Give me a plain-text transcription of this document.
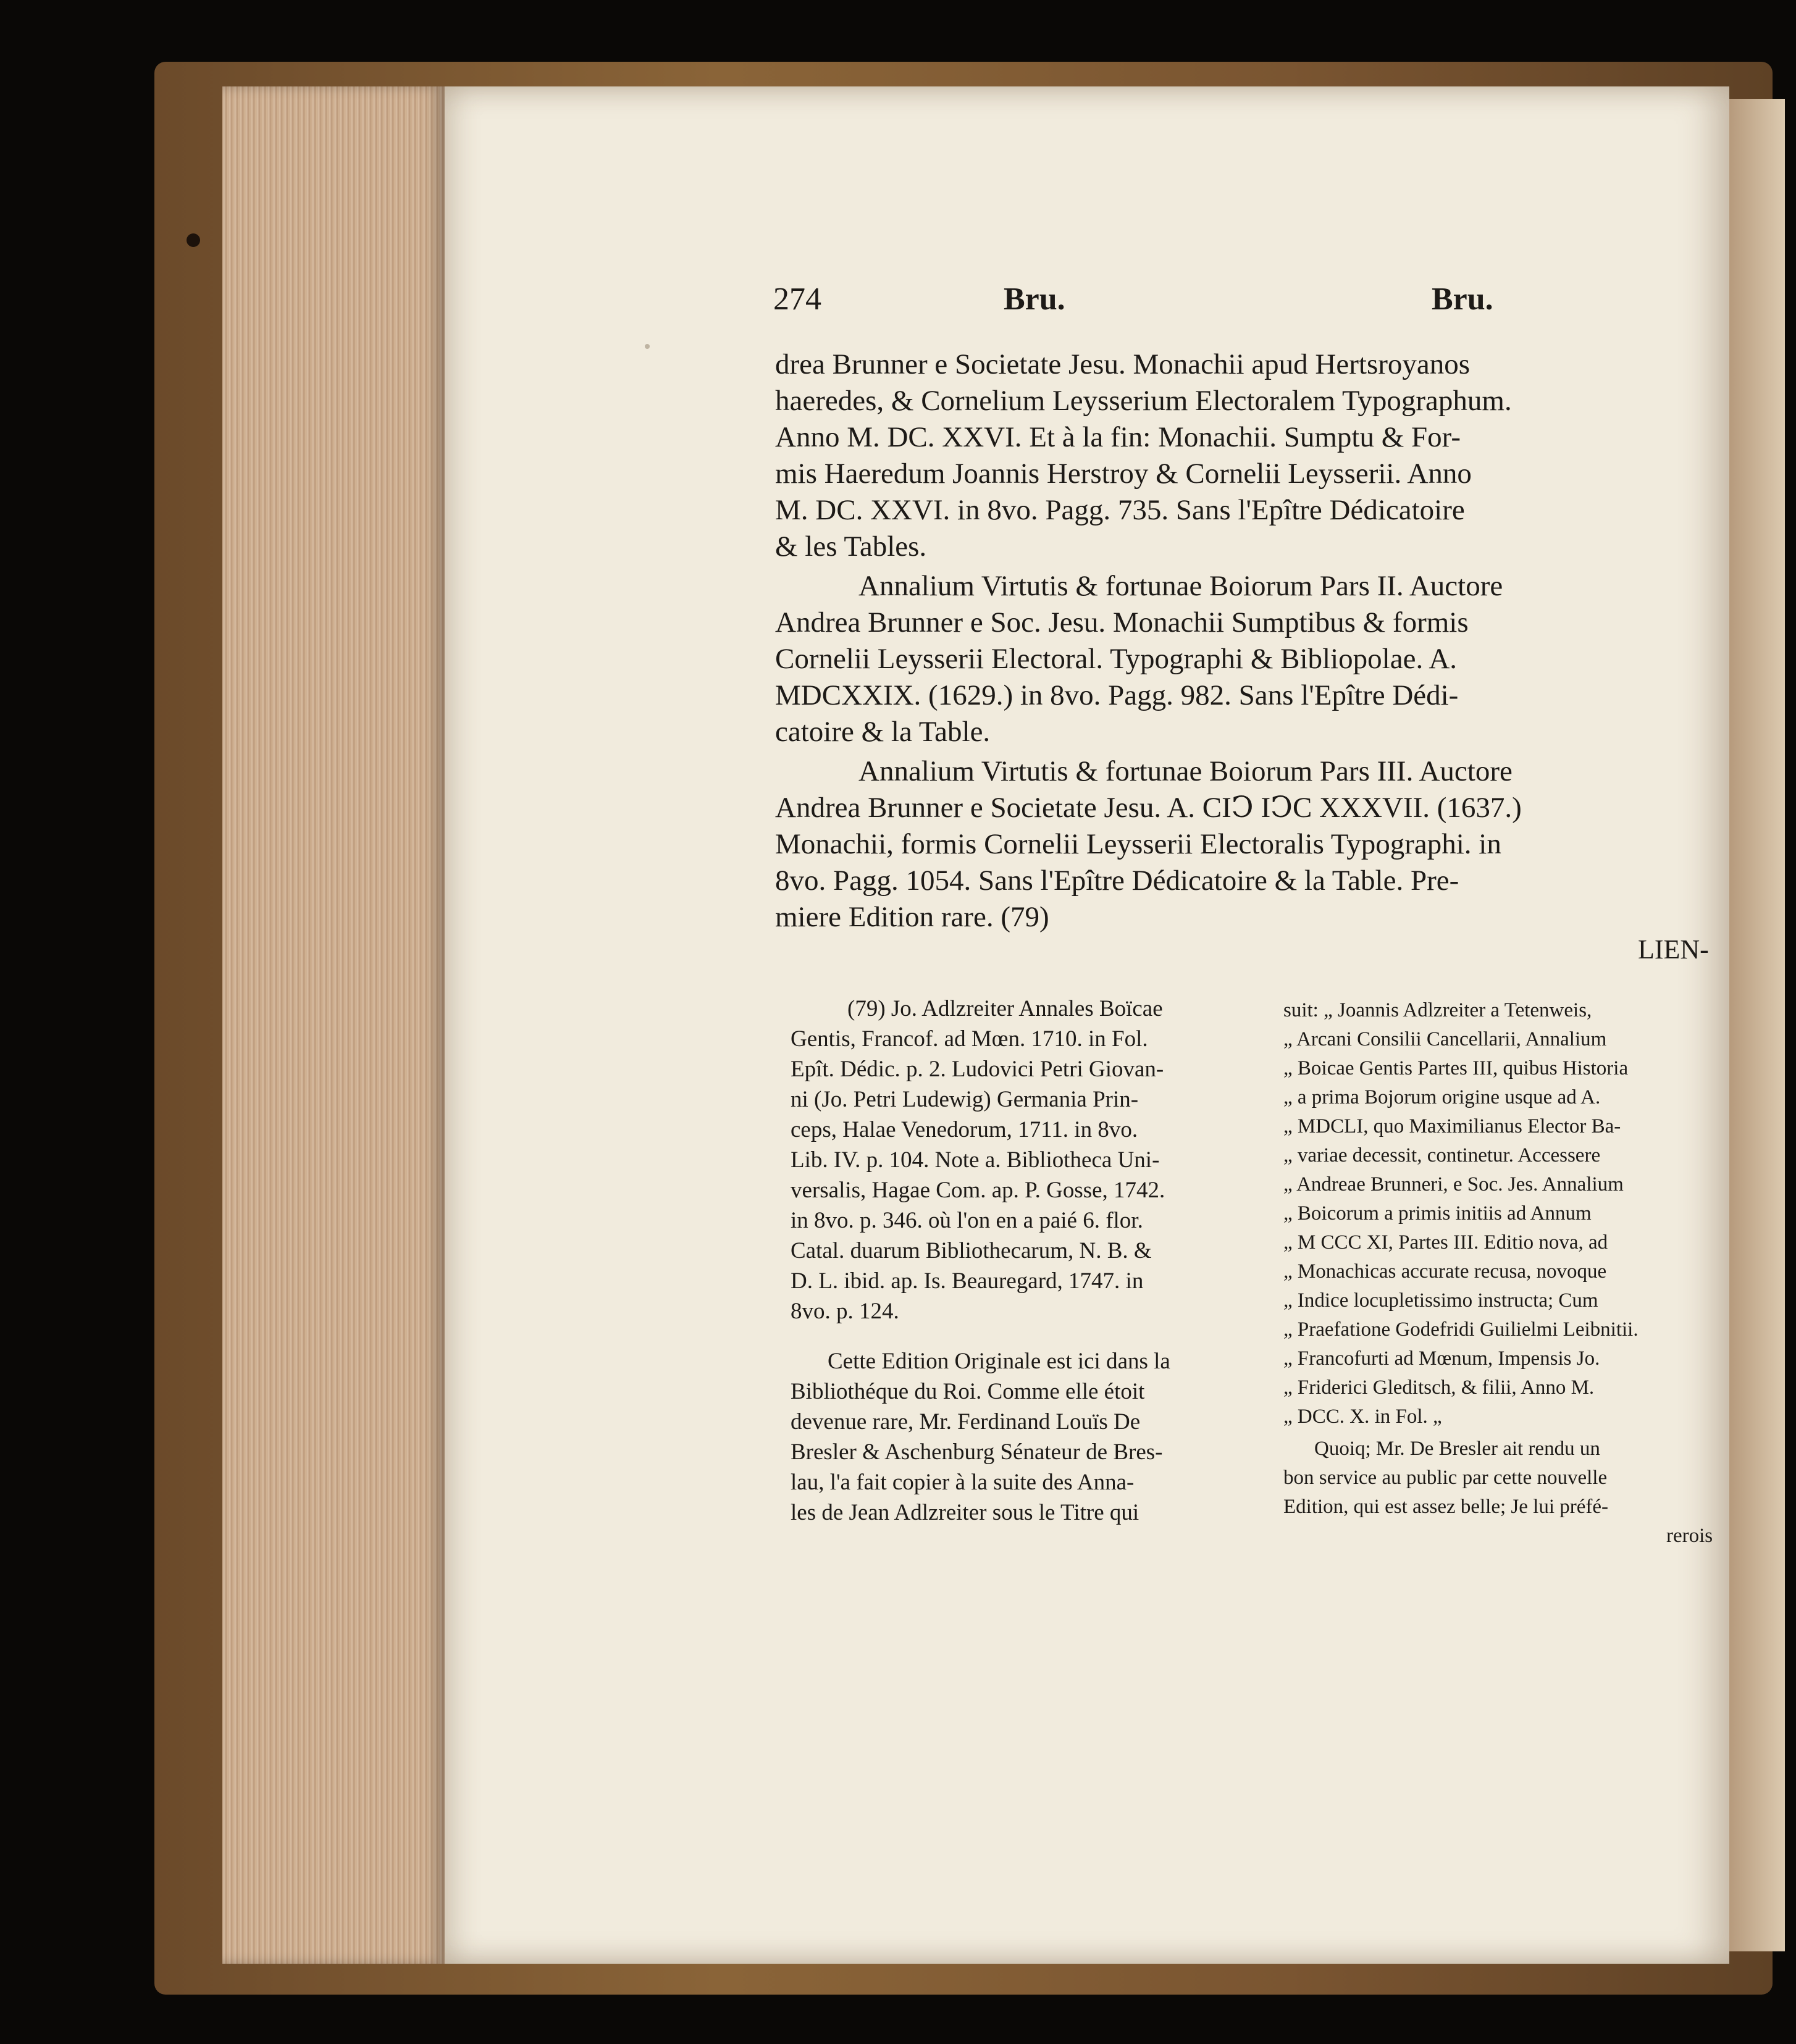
274	Bru.	Bru.

drea Brunner e Societate Jesu. Monachii apud Hertsroyanos

haeredes, & Cornelium Leysserium Electoralem Typographum.

Anno M. DC. XXVI. Et à la fin: Monachii. Sumptu & For-

mis Haeredum Joannis Herstroy & Cornelii Leysserii. Anno

M. DC. XXVI. in 8vo. Pagg. 735. Sans l'Epître Dédicatoire

& les Tables.

Annalium Virtutis & fortunae Boiorum Pars II. Auctore

Andrea Brunner e Soc. Jesu. Monachii Sumptibus & formis

Cornelii Leysserii Electoral. Typographi & Bibliopolae. A.

MDCXXIX. (1629.) in 8vo. Pagg. 982. Sans l'Epître Dédi-

catoire & la Table.

Annalium Virtutis & fortunae Boiorum Pars III. Auctore

Andrea Brunner e Societate Jesu. A. CIↃ IↃC XXXVII. (1637.)

Monachii, formis Cornelii Leysserii Electoralis Typographi. in

8vo. Pagg. 1054. Sans l'Epître Dédicatoire & la Table. Pre-

miere Edition rare. (79)

LIEN-

(79) Jo. Adlzreiter Annales Boïcae

Gentis, Francof. ad Mœn. 1710. in Fol.

Epît. Dédic. p. 2. Ludovici Petri Giovan-

ni (Jo. Petri Ludewig) Germania Prin-

ceps, Halae Venedorum, 1711. in 8vo.

Lib. IV. p. 104. Note a. Bibliotheca Uni-

versalis, Hagae Com. ap. P. Gosse, 1742.

in 8vo. p. 346. où l'on en a paié 6. flor.

Catal. duarum Bibliothecarum, N. B. &

D. L. ibid. ap. Is. Beauregard, 1747. in

8vo. p. 124.

Cette Edition Originale est ici dans la

Bibliothéque du Roi. Comme elle étoit

devenue rare, Mr. Ferdinand Louïs De

Bresler & Aschenburg Sénateur de Bres-

lau, l'a fait copier à la suite des Anna-

les de Jean Adlzreiter sous le Titre qui

suit: „ Joannis Adlzreiter a Tetenweis,

„ Arcani Consilii Cancellarii, Annalium

„ Boicae Gentis Partes III, quibus Historia

„ a prima Bojorum origine usque ad A.

„ MDCLI, quo Maximilianus Elector Ba-

„ variae decessit, continetur. Accessere

„ Andreae Brunneri, e Soc. Jes. Annalium

„ Boicorum a primis initiis ad Annum

„ M CCC XI, Partes III. Editio nova, ad

„ Monachicas accurate recusa, novoque

„ Indice locupletissimo instructa; Cum

„ Praefatione Godefridi Guilielmi Leibnitii.

„ Francofurti ad Mœnum, Impensis Jo.

„ Friderici Gleditsch, & filii, Anno M.

„ DCC. X. in Fol. „

Quoiq; Mr. De Bresler ait rendu un

bon service au public par cette nouvelle

Edition, qui est assez belle; Je lui préfé-

rerois
